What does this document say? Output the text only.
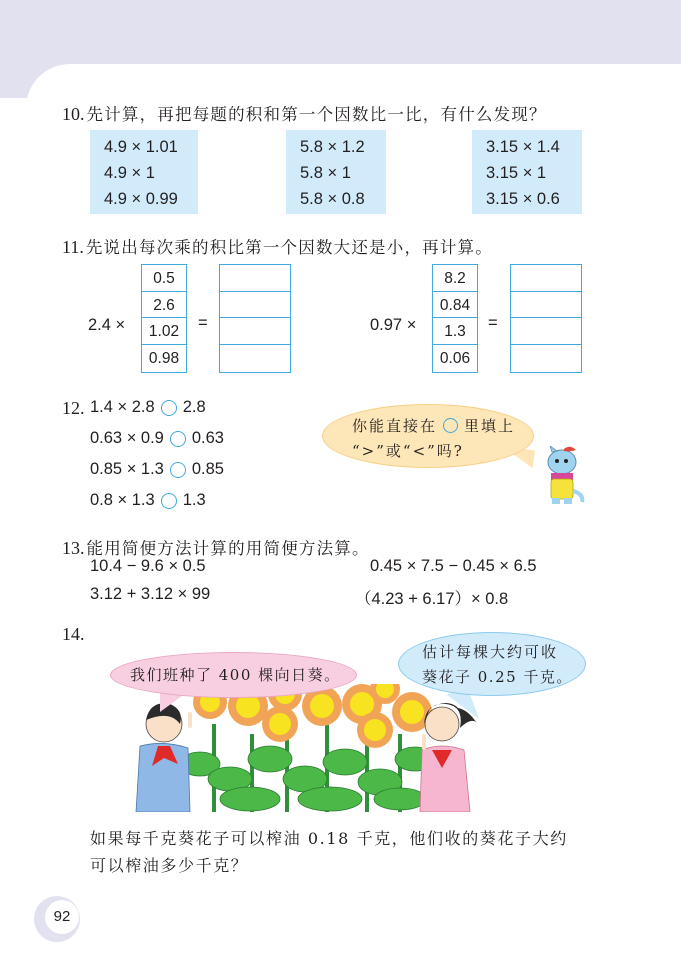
10. 先计算，再把每题的积和第一个因数比一比，有什么发现？
4.9 × 1.01
4.9 × 1
4.9 × 0.99
5.8 × 1.2
5.8 × 1
5.8 × 0.8
3.15 × 1.4
3.15 × 1
3.15 × 0.6
11. 先说出每次乘的积比第一个因数大还是小，再计算。
2.4 ×
0.5
2.6
1.02
0.98
=	0.97 ×
8.2
0.84
1.3
0.06
=
12. 1.4 × 2.8 2.8
0.63 × 0.9 0.63
0.85 × 1.3 0.85
0.8 × 1.3 1.3
你能直接在 里填上
“>”或“<”吗?
13. 能用简便方法计算的用简便方法算。
10.4 − 9.6 × 0.5	0.45 × 7.5 − 0.45 × 6.5
3.12 + 3.12 × 99	（4.23 + 6.17）× 0.8
14.
我们班种了 400 棵向日葵。
估计每棵大约可收
葵花子 0.25 千克。
如果每千克葵花子可以榨油 0.18 千克，他们收的葵花子大约
可以榨油多少千克？
92
